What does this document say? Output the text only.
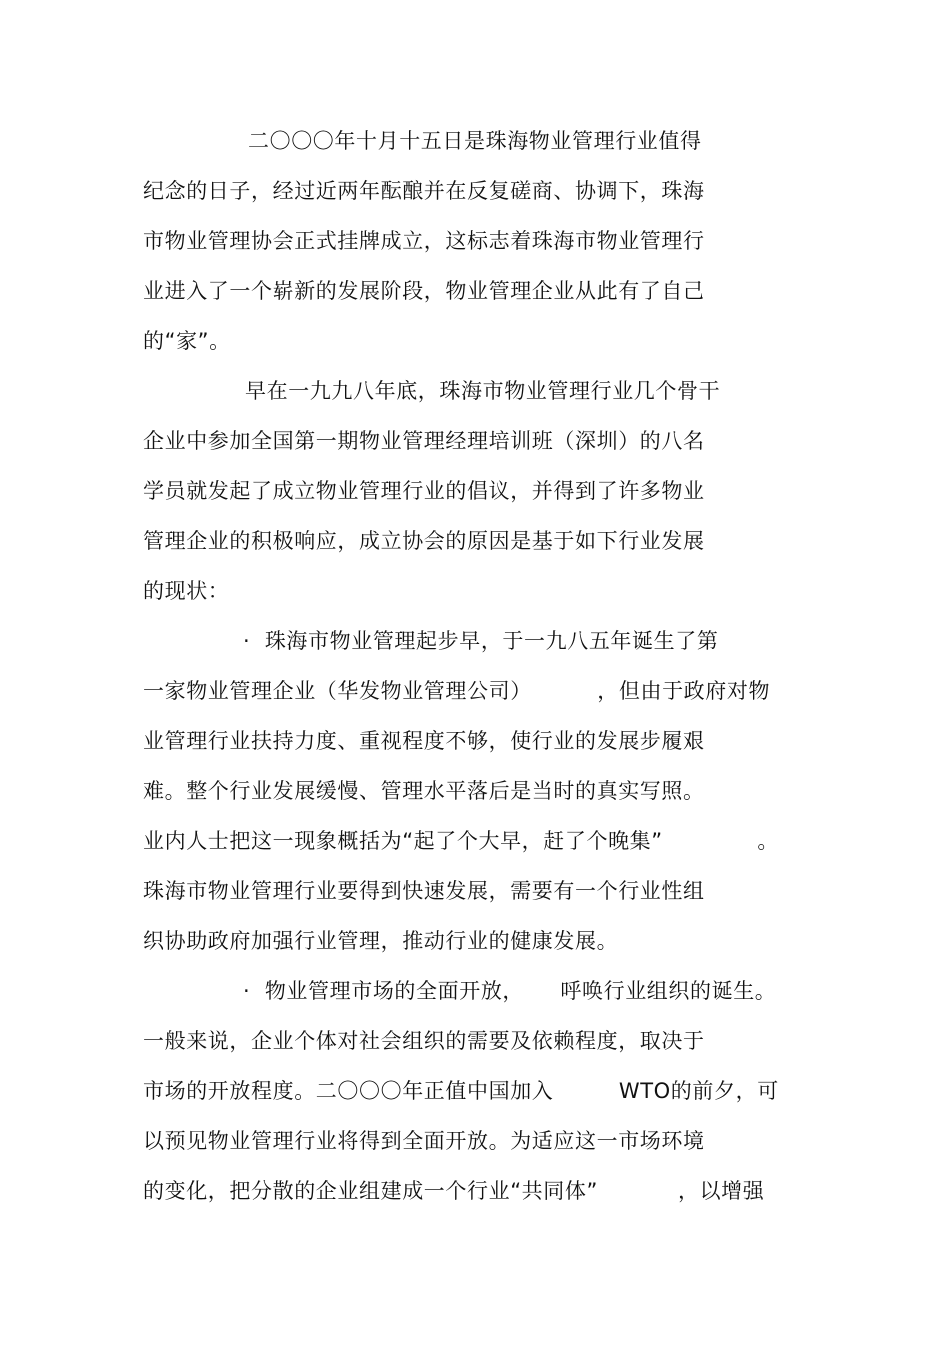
二〇〇〇年十月十五日是珠海物业管理行业值得
纪念的日子，经过近两年酝酿并在反复磋商、协调下，珠海
市物业管理协会正式挂牌成立，这标志着珠海市物业管理行
业进入了一个崭新的发展阶段，物业管理企业从此有了自己
的“家”。
早在一九九八年底，珠海市物业管理行业几个骨干
企业中参加全国第一期物业管理经理培训班（深圳）的八名
学员就发起了成立物业管理行业的倡议，并得到了许多物业
管理企业的积极响应，成立协会的原因是基于如下行业发展
的现状：
·  珠海市物业管理起步早，于一九八五年诞生了第
一家物业管理企业（华发物业管理公司）         ，但由于政府对物
业管理行业扶持力度、重视程度不够，使行业的发展步履艰
难。整个行业发展缓慢、管理水平落后是当时的真实写照。
业内人士把这一现象概括为“起了个大早，赶了个晚集”             。
珠海市物业管理行业要得到快速发展，需要有一个行业性组
织协助政府加强行业管理，推动行业的健康发展。
·  物业管理市场的全面开放，     呼唤行业组织的诞生。
一般来说，企业个体对社会组织的需要及依赖程度，取决于
市场的开放程度。二〇〇〇年正值中国加入         WTO的前夕，可
以预见物业管理行业将得到全面开放。为适应这一市场环境
的变化，把分散的企业组建成一个行业“共同体”           ，以增强
